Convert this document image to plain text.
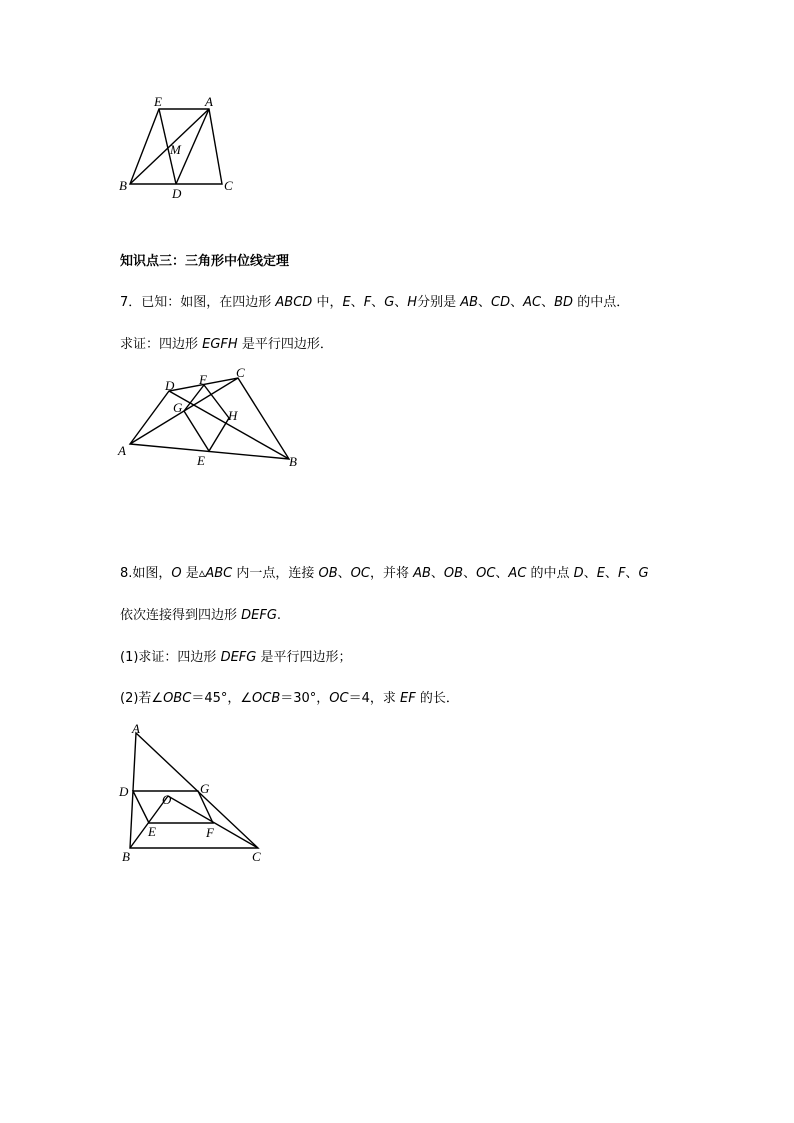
E	A
M
B
D
C
知识点三：三角形中位线定理
7．已知：如图，在四边形 ABCD 中，E、F、G、H分别是 AB、CD、AC、BD 的中点．
求证：四边形 EGFH 是平行四边形．
D F C
G
H
A
E	B
8.如图，O 是▵ABC 内一点，连接 OB、OC，并将 AB、OB、OC、AC 的中点 D、E、F、G
依次连接得到四边形 DEFG.
(1)求证：四边形 DEFG 是平行四边形；
(2)若∠OBC＝45°，∠OCB＝30°，OC＝4，求 EF 的长．
A
D	G
O
E	F
B	C
